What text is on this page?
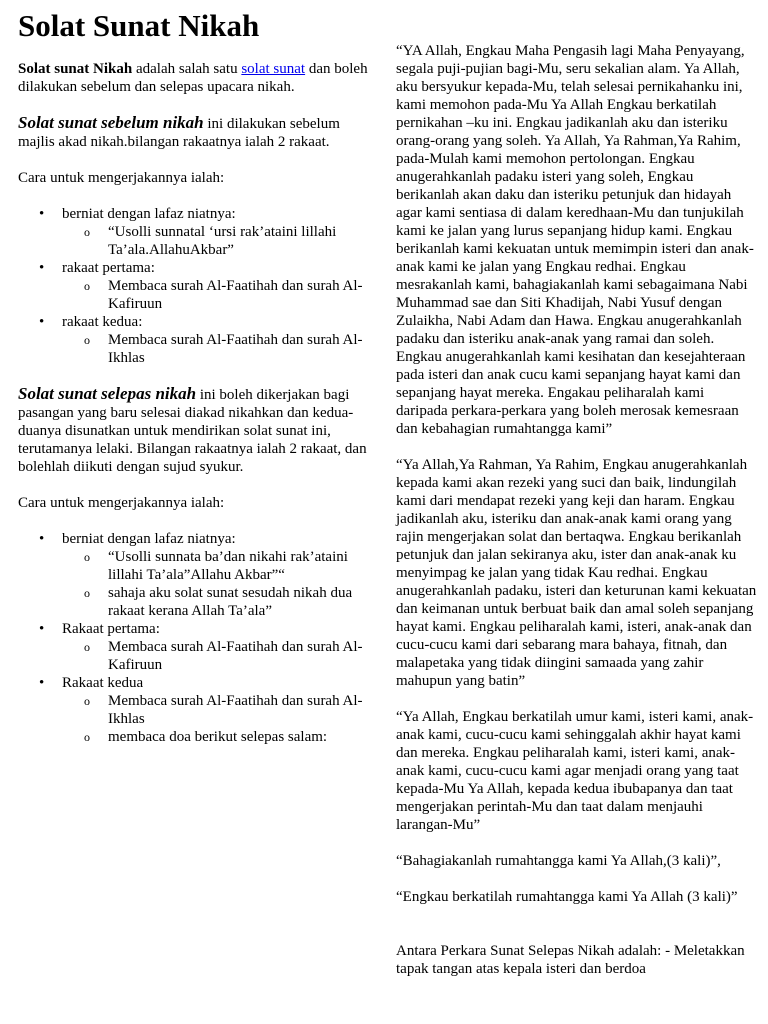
Solat Sunat Nikah

Solat sunat Nikah adalah salah satu solat sunat dan boleh dilakukan sebelum dan selepas upacara nikah.

Solat sunat sebelum nikah ini dilakukan sebelum majlis akad nikah.bilangan rakaatnya ialah 2 rakaat.

Cara untuk mengerjakannya ialah:

• berniat dengan lafaz niatnya:
o “Usolli sunnatal ‘ursi rak’ataini lillahi Ta’ala.AllahuAkbar”
• rakaat pertama:
o Membaca surah Al-Faatihah dan surah Al-Kafiruun
• rakaat kedua:
o Membaca surah Al-Faatihah dan surah Al-Ikhlas

Solat sunat selepas nikah ini boleh dikerjakan bagi pasangan yang baru selesai diakad nikahkan dan kedua-duanya disunatkan untuk mendirikan solat sunat ini, terutamanya lelaki. Bilangan rakaatnya ialah 2 rakaat, dan bolehlah diikuti dengan sujud syukur.

Cara untuk mengerjakannya ialah:

• berniat dengan lafaz niatnya:
o “Usolli sunnata ba’dan nikahi rak’ataini lillahi Ta’ala”Allahu Akbar”“
o sahaja aku solat sunat sesudah nikah dua rakaat kerana Allah Ta’ala”
• Rakaat pertama:
o Membaca surah Al-Faatihah dan surah Al-Kafiruun
• Rakaat kedua
o Membaca surah Al-Faatihah dan surah Al-Ikhlas
o membaca doa berikut selepas salam:

“YA Allah, Engkau Maha Pengasih lagi Maha Penyayang, segala puji-pujian bagi-Mu, seru sekalian alam. Ya Allah, aku bersyukur kepada-Mu, telah selesai pernikahanku ini, kami memohon pada-Mu Ya Allah Engkau berkatilah pernikahan –ku ini. Engkau jadikanlah aku dan isteriku orang-orang yang soleh. Ya Allah, Ya Rahman,Ya Rahim, pada-Mulah kami memohon pertolongan. Engkau anugerahkanlah padaku isteri yang soleh, Engkau berikanlah akan daku dan isteriku petunjuk dan hidayah agar kami sentiasa di dalam keredhaan-Mu dan tunjukilah kami ke jalan yang lurus sepanjang hidup kami. Engkau berikanlah kami kekuatan untuk memimpin isteri dan anak-anak kami ke jalan yang Engkau redhai. Engkau mesrakanlah kami, bahagiakanlah kami sebagaimana Nabi Muhammad sae dan Siti Khadijah, Nabi Yusuf dengan Zulaikha, Nabi Adam dan Hawa. Engkau anugerahkanlah padaku dan isteriku anak-anak yang ramai dan soleh. Engkau anugerahkanlah kami kesihatan dan kesejahteraan pada isteri dan anak cucu kami sepanjang hayat kami dan sepanjang hayat mereka. Engakau peliharalah kami daripada perkara-perkara yang boleh merosak kemesraan dan kebahagian rumahtangga kami”

“Ya Allah,Ya Rahman, Ya Rahim, Engkau anugerahkanlah kepada kami akan rezeki yang suci dan baik, lindungilah kami dari mendapat rezeki yang keji dan haram. Engkau jadikanlah aku, isteriku dan anak-anak kami orang yang rajin mengerjakan solat dan bertaqwa. Engkau berikanlah petunjuk dan jalan sekiranya aku, ister dan anak-anak ku menyimpag ke jalan yang tidak Kau redhai. Engkau anugerahkanlah padaku, isteri dan keturunan kami kekuatan dan keimanan untuk berbuat baik dan amal soleh sepanjang hayat kami. Engkau peliharalah kami, isteri, anak-anak dan cucu-cucu kami dari sebarang mara bahaya, fitnah, dan malapetaka yang tidak diingini samaada yang zahir mahupun yang batin”

“Ya Allah, Engkau berkatilah umur kami, isteri kami, anak-anak kami, cucu-cucu kami sehinggalah akhir hayat kami dan mereka. Engkau peliharalah kami, isteri kami, anak-anak kami, cucu-cucu kami agar menjadi orang yang taat kepada-Mu Ya Allah, kepada kedua ibubapanya dan taat mengerjakan perintah-Mu dan taat dalam menjauhi larangan-Mu”

“Bahagiakanlah rumahtangga kami Ya Allah,(3 kali)”,

“Engkau berkatilah rumahtangga kami Ya Allah (3 kali)”

Antara Perkara Sunat Selepas Nikah adalah: - Meletakkan tapak tangan atas kepala isteri dan berdoa
